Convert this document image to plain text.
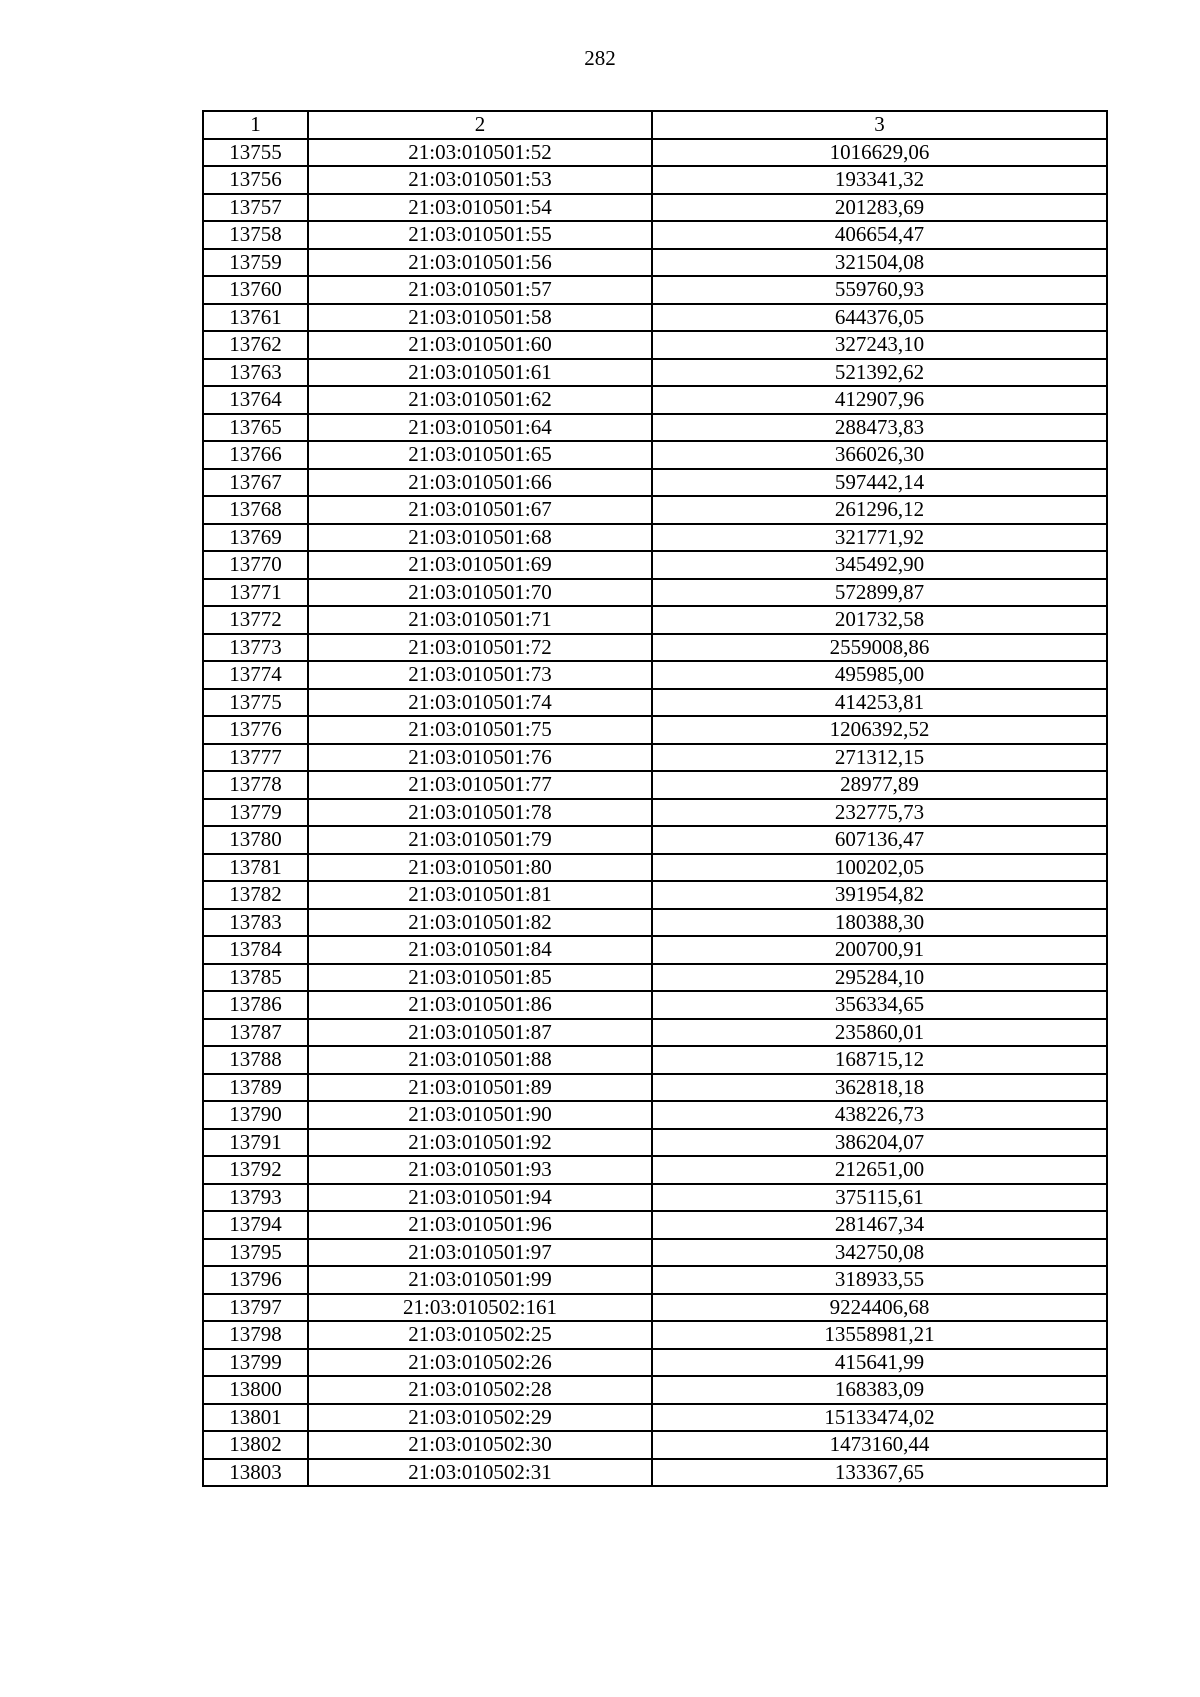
282
1	2	3
13755	21:03:010501:52	1016629,06
13756	21:03:010501:53	193341,32
13757	21:03:010501:54	201283,69
13758	21:03:010501:55	406654,47
13759	21:03:010501:56	321504,08
13760	21:03:010501:57	559760,93
13761	21:03:010501:58	644376,05
13762	21:03:010501:60	327243,10
13763	21:03:010501:61	521392,62
13764	21:03:010501:62	412907,96
13765	21:03:010501:64	288473,83
13766	21:03:010501:65	366026,30
13767	21:03:010501:66	597442,14
13768	21:03:010501:67	261296,12
13769	21:03:010501:68	321771,92
13770	21:03:010501:69	345492,90
13771	21:03:010501:70	572899,87
13772	21:03:010501:71	201732,58
13773	21:03:010501:72	2559008,86
13774	21:03:010501:73	495985,00
13775	21:03:010501:74	414253,81
13776	21:03:010501:75	1206392,52
13777	21:03:010501:76	271312,15
13778	21:03:010501:77	28977,89
13779	21:03:010501:78	232775,73
13780	21:03:010501:79	607136,47
13781	21:03:010501:80	100202,05
13782	21:03:010501:81	391954,82
13783	21:03:010501:82	180388,30
13784	21:03:010501:84	200700,91
13785	21:03:010501:85	295284,10
13786	21:03:010501:86	356334,65
13787	21:03:010501:87	235860,01
13788	21:03:010501:88	168715,12
13789	21:03:010501:89	362818,18
13790	21:03:010501:90	438226,73
13791	21:03:010501:92	386204,07
13792	21:03:010501:93	212651,00
13793	21:03:010501:94	375115,61
13794	21:03:010501:96	281467,34
13795	21:03:010501:97	342750,08
13796	21:03:010501:99	318933,55
13797	21:03:010502:161	9224406,68
13798	21:03:010502:25	13558981,21
13799	21:03:010502:26	415641,99
13800	21:03:010502:28	168383,09
13801	21:03:010502:29	15133474,02
13802	21:03:010502:30	1473160,44
13803	21:03:010502:31	133367,65
